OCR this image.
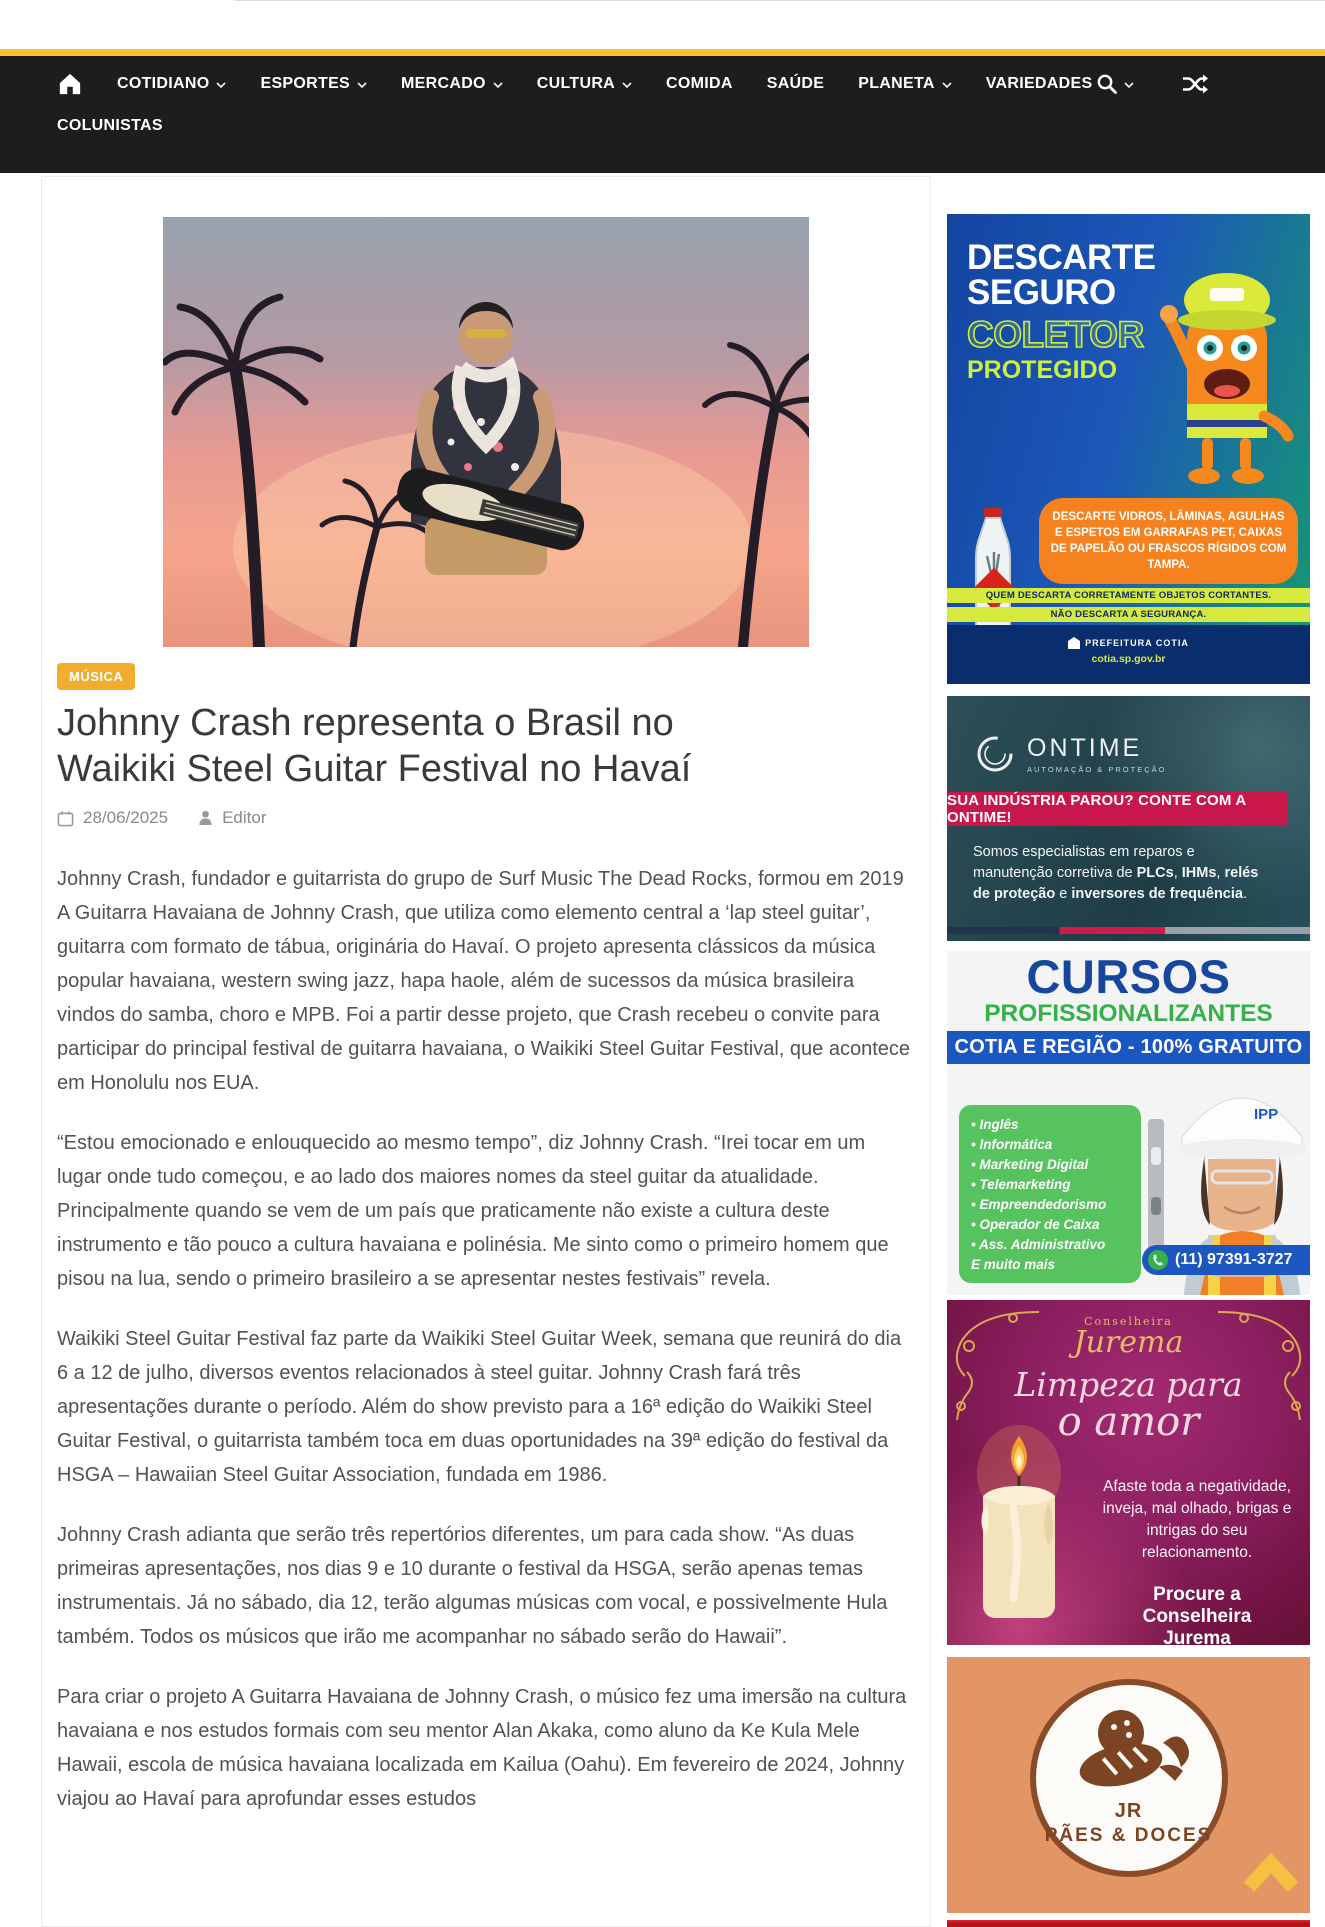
COTIDIANO	ESPORTES	MERCADO	CULTURA	COMIDA SAÚDE PLANETA	VARIEDADES
COLUNISTAS
MÚSICA
Johnny Crash representa o Brasil no Waikiki Steel Guitar Festival no Havaí
28/06/2025	Editor

Johnny Crash, fundador e guitarrista do grupo de Surf Music The Dead Rocks, formou em 2019 A Guitarra Havaiana de Johnny Crash, que utiliza como elemento central a ‘lap steel guitar’, guitarra com formato de tábua, originária do Havaí. O projeto apresenta clássicos da música popular havaiana, western swing jazz, hapa haole, além de sucessos da música brasileira vindos do samba, choro e MPB. Foi a partir desse projeto, que Crash recebeu o convite para participar do principal festival de guitarra havaiana, o Waikiki Steel Guitar Festival, que acontece em Honolulu nos EUA.

“Estou emocionado e enlouquecido ao mesmo tempo”, diz Johnny Crash. “Irei tocar em um lugar onde tudo começou, e ao lado dos maiores nomes da steel guitar da atualidade. Principalmente quando se vem de um país que praticamente não existe a cultura deste instrumento e tão pouco a cultura havaiana e polinésia. Me sinto como o primeiro homem que pisou na lua, sendo o primeiro brasileiro a se apresentar nestes festivais” revela.

Waikiki Steel Guitar Festival faz parte da Waikiki Steel Guitar Week, semana que reunirá do dia 6 a 12 de julho, diversos eventos relacionados à steel guitar. Johnny Crash fará três apresentações durante o período. Além do show previsto para a 16ª edição do Waikiki Steel Guitar Festival, o guitarrista também toca em duas oportunidades na 39ª edição do festival da HSGA – Hawaiian Steel Guitar Association, fundada em 1986.

Johnny Crash adianta que serão três repertórios diferentes, um para cada show. “As duas primeiras apresentações, nos dias 9 e 10 durante o festival da HSGA, serão apenas temas instrumentais. Já no sábado, dia 12, terão algumas músicas com vocal, e possivelmente Hula também. Todos os músicos que irão me acompanhar no sábado serão do Hawaii”.

Para criar o projeto A Guitarra Havaiana de Johnny Crash, o músico fez uma imersão na cultura havaiana e nos estudos formais com seu mentor Alan Akaka, como aluno da Ke Kula Mele Hawaii, escola de música havaiana localizada em Kailua (Oahu). Em fevereiro de 2024, Johnny viajou ao Havaí para aprofundar esses estudos

DESCARTE
SEGURO
COLETOR
PROTEGIDO
DESCARTE VIDROS, LÂMINAS, AGULHAS E ESPETOS EM GARRAFAS PET, CAIXAS DE PAPELÃO OU FRASCOS RÍGIDOS COM TAMPA.
QUEM DESCARTA CORRETAMENTE OBJETOS CORTANTES.
NÃO DESCARTA A SEGURANÇA.
PREFEITURA COTIA
cotia.sp.gov.br
ONTIME
AUTOMAÇÃO & PROTEÇÃO
SUA INDÚSTRIA PAROU? CONTE COM A ONTIME!
Somos especialistas em reparos e manutenção corretiva de PLCs, IHMs, relés de proteção e inversores de frequência.
CURSOS
PROFISSIONALIZANTES
COTIA E REGIÃO - 100% GRATUITO
IPP
• Inglês
• Informática
• Marketing Digital
• Telemarketing
• Empreendedorismo
• Operador de Caixa
• Ass. Administrativo
E muito mais	(11) 97391-3727
Conselheira
Jurema
Limpeza para
o amor
Afaste toda a negatividade, inveja, mal olhado, brigas e intrigas do seu relacionamento.
Procure a Conselheira Jurema
JR
PÃES & DOCES
